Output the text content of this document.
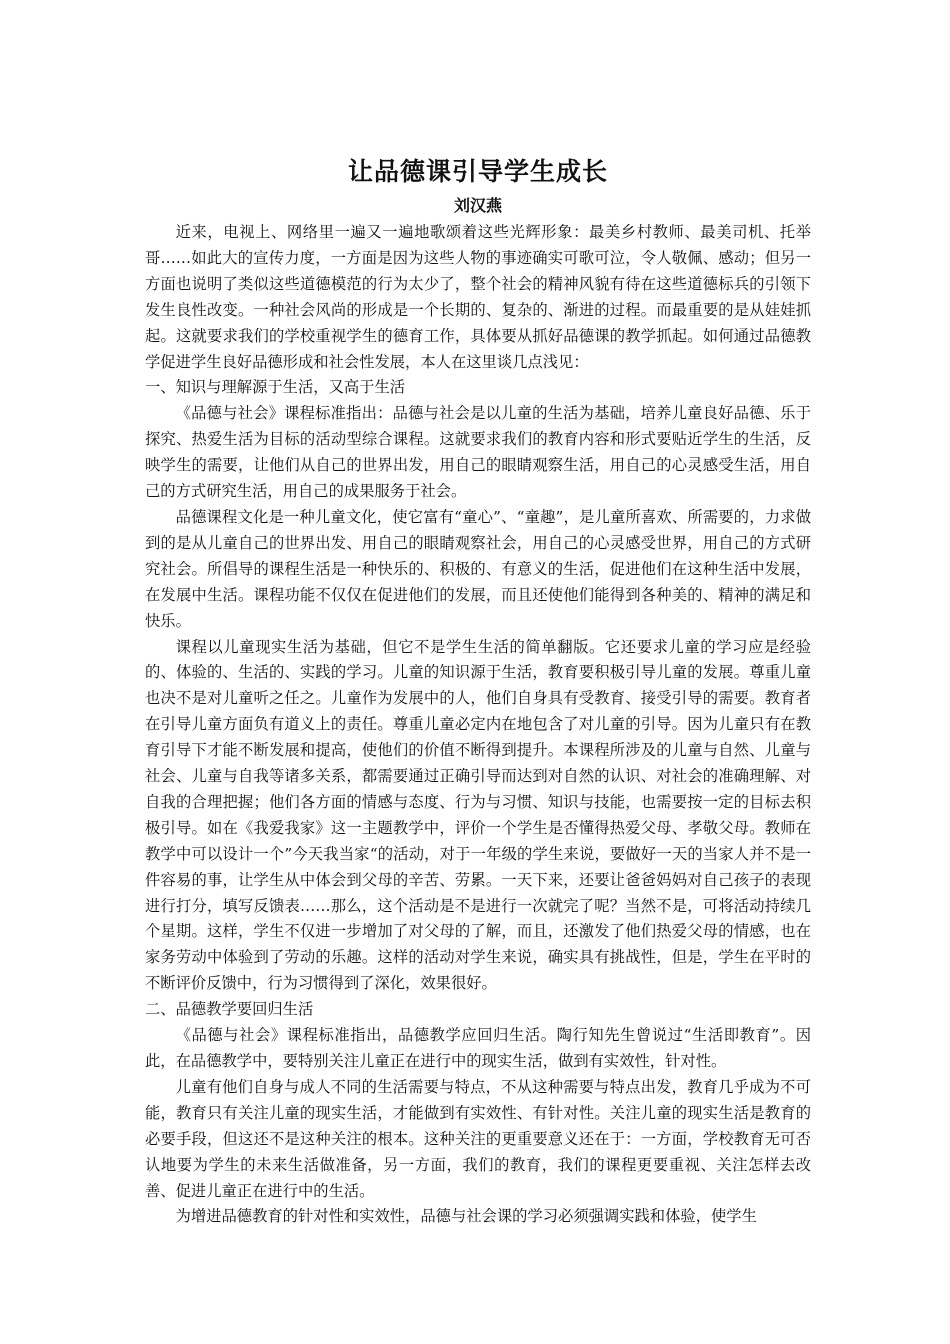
让品德课引导学生成长
刘汉燕

近来，电视上、网络里一遍又一遍地歌颂着这些光辉形象：最美乡村教师、最美司机、托举哥……如此大的宣传力度，一方面是因为这些人物的事迹确实可歌可泣，令人敬佩、感动；但另一方面也说明了类似这些道德模范的行为太少了，整个社会的精神风貌有待在这些道德标兵的引领下发生良性改变。一种社会风尚的形成是一个长期的、复杂的、渐进的过程。而最重要的是从娃娃抓起。这就要求我们的学校重视学生的德育工作，具体要从抓好品德课的教学抓起。如何通过品德教学促进学生良好品德形成和社会性发展，本人在这里谈几点浅见：

一、知识与理解源于生活，又高于生活

《品德与社会》课程标准指出：品德与社会是以儿童的生活为基础，培养儿童良好品德、乐于探究、热爱生活为目标的活动型综合课程。这就要求我们的教育内容和形式要贴近学生的生活，反映学生的需要，让他们从自己的世界出发，用自己的眼睛观察生活，用自己的心灵感受生活，用自己的方式研究生活，用自己的成果服务于社会。

品德课程文化是一种儿童文化，使它富有“童心”、“童趣”，是儿童所喜欢、所需要的，力求做到的是从儿童自己的世界出发、用自己的眼睛观察社会，用自己的心灵感受世界，用自己的方式研究社会。所倡导的课程生活是一种快乐的、积极的、有意义的生活，促进他们在这种生活中发展，在发展中生活。课程功能不仅仅在促进他们的发展，而且还使他们能得到各种美的、精神的满足和快乐。

课程以儿童现实生活为基础，但它不是学生生活的简单翻版。它还要求儿童的学习应是经验的、体验的、生活的、实践的学习。儿童的知识源于生活，教育要积极引导儿童的发展。尊重儿童也决不是对儿童听之任之。儿童作为发展中的人，他们自身具有受教育、接受引导的需要。教育者在引导儿童方面负有道义上的责任。尊重儿童必定内在地包含了对儿童的引导。因为儿童只有在教育引导下才能不断发展和提高，使他们的价值不断得到提升。本课程所涉及的儿童与自然、儿童与社会、儿童与自我等诸多关系，都需要通过正确引导而达到对自然的认识、对社会的准确理解、对自我的合理把握；他们各方面的情感与态度、行为与习惯、知识与技能，也需要按一定的目标去积极引导。如在《我爱我家》这一主题教学中，评价一个学生是否懂得热爱父母、孝敬父母。教师在教学中可以设计一个”今天我当家“的活动，对于一年级的学生来说，要做好一天的当家人并不是一件容易的事，让学生从中体会到父母的辛苦、劳累。一天下来，还要让爸爸妈妈对自己孩子的表现进行打分，填写反馈表……那么，这个活动是不是进行一次就完了呢？当然不是，可将活动持续几个星期。这样，学生不仅进一步增加了对父母的了解，而且，还激发了他们热爱父母的情感，也在家务劳动中体验到了劳动的乐趣。这样的活动对学生来说，确实具有挑战性，但是，学生在平时的不断评价反馈中，行为习惯得到了深化，效果很好。

二、品德教学要回归生活

《品德与社会》课程标准指出，品德教学应回归生活。陶行知先生曾说过“生活即教育”。因此，在品德教学中，要特别关注儿童正在进行中的现实生活，做到有实效性，针对性。

儿童有他们自身与成人不同的生活需要与特点，不从这种需要与特点出发，教育几乎成为不可能，教育只有关注儿童的现实生活，才能做到有实效性、有针对性。关注儿童的现实生活是教育的必要手段，但这还不是这种关注的根本。这种关注的更重要意义还在于：一方面，学校教育无可否认地要为学生的未来生活做准备，另一方面，我们的教育，我们的课程更要重视、关注怎样去改善、促进儿童正在进行中的生活。

为增进品德教育的针对性和实效性，品德与社会课的学习必须强调实践和体验，使学生
